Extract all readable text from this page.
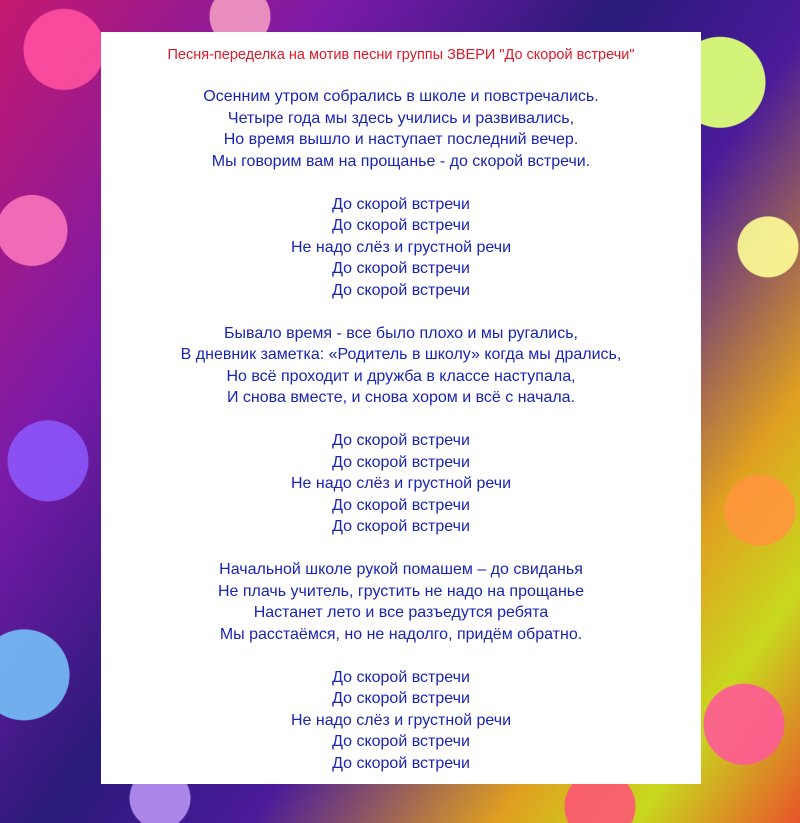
Песня-переделка на мотив песни группы ЗВЕРИ "До скорой встречи"
Осенним утром собрались в школе и повстречались.
Четыре года мы здесь учились и развивались,
Но время вышло и наступает последний вечер.
Мы говорим вам на прощанье - до скорой встречи.
До скорой встречи
До скорой встречи
Не надо слёз и грустной речи
До скорой встречи
До скорой встречи
Бывало время - все было плохо и мы ругались,
В дневник заметка: «Родитель в школу» когда мы дрались,
Но всё проходит и дружба в классе наступала,
И снова вместе, и снова хором и всё с начала.
До скорой встречи
До скорой встречи
Не надо слёз и грустной речи
До скорой встречи
До скорой встречи
Начальной школе рукой помашем – до свиданья
Не плачь учитель, грустить не надо на прощанье
Настанет лето и все разъедутся ребята
Мы расстаёмся, но не надолго, придём обратно.
До скорой встречи
До скорой встречи
Не надо слёз и грустной речи
До скорой встречи
До скорой встречи
